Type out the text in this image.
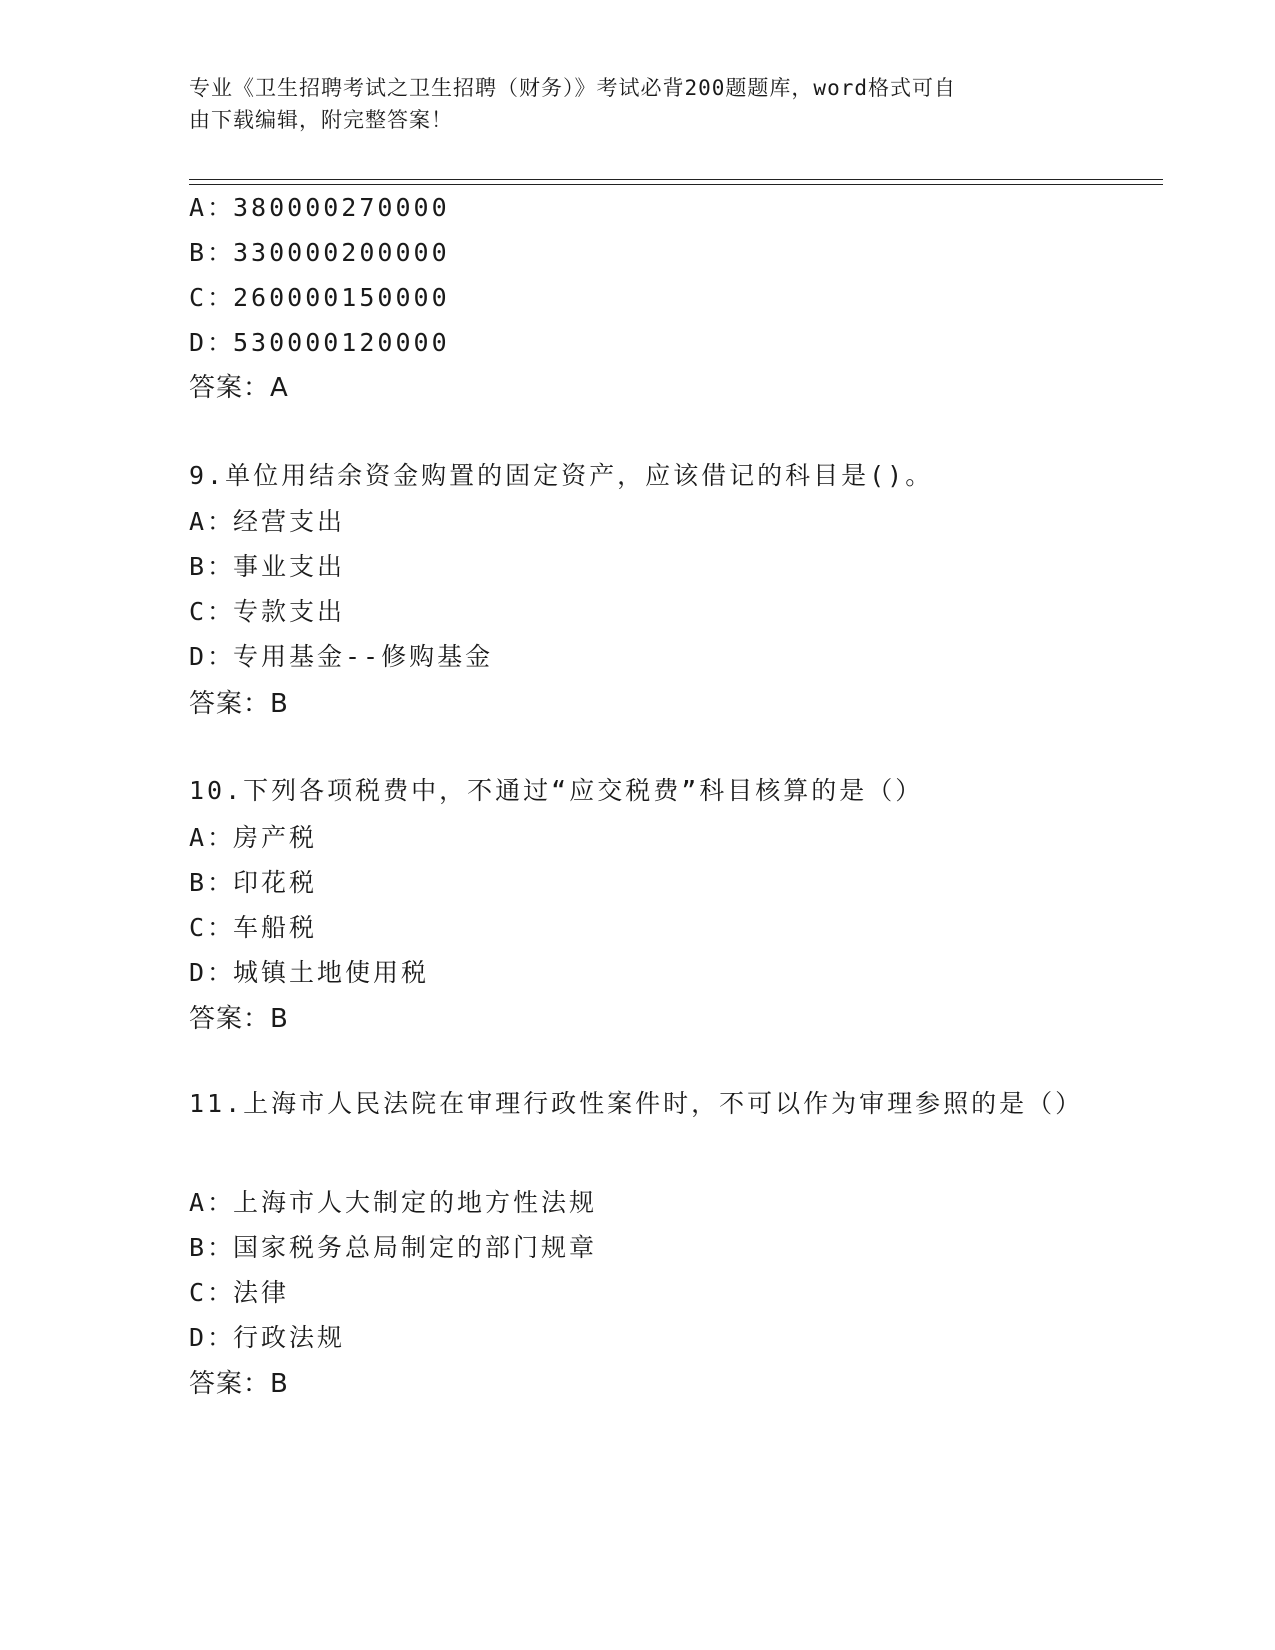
专业《卫生招聘考试之卫生招聘（财务）》考试必背200题题库，word格式可自
由下载编辑，附完整答案！
A：380000270000
B：330000200000
C：260000150000
D：530000120000
答案：A
9.单位用结余资金购置的固定资产，应该借记的科目是()。
A：经营支出
B：事业支出
C：专款支出
D：专用基金--修购基金
答案：B
10.下列各项税费中，不通过“应交税费”科目核算的是（）
A：房产税
B：印花税
C：车船税
D：城镇土地使用税
答案：B
11.上海市人民法院在审理行政性案件时，不可以作为审理参照的是（）
A：上海市人大制定的地方性法规
B：国家税务总局制定的部门规章
C：法律
D：行政法规
答案：B
